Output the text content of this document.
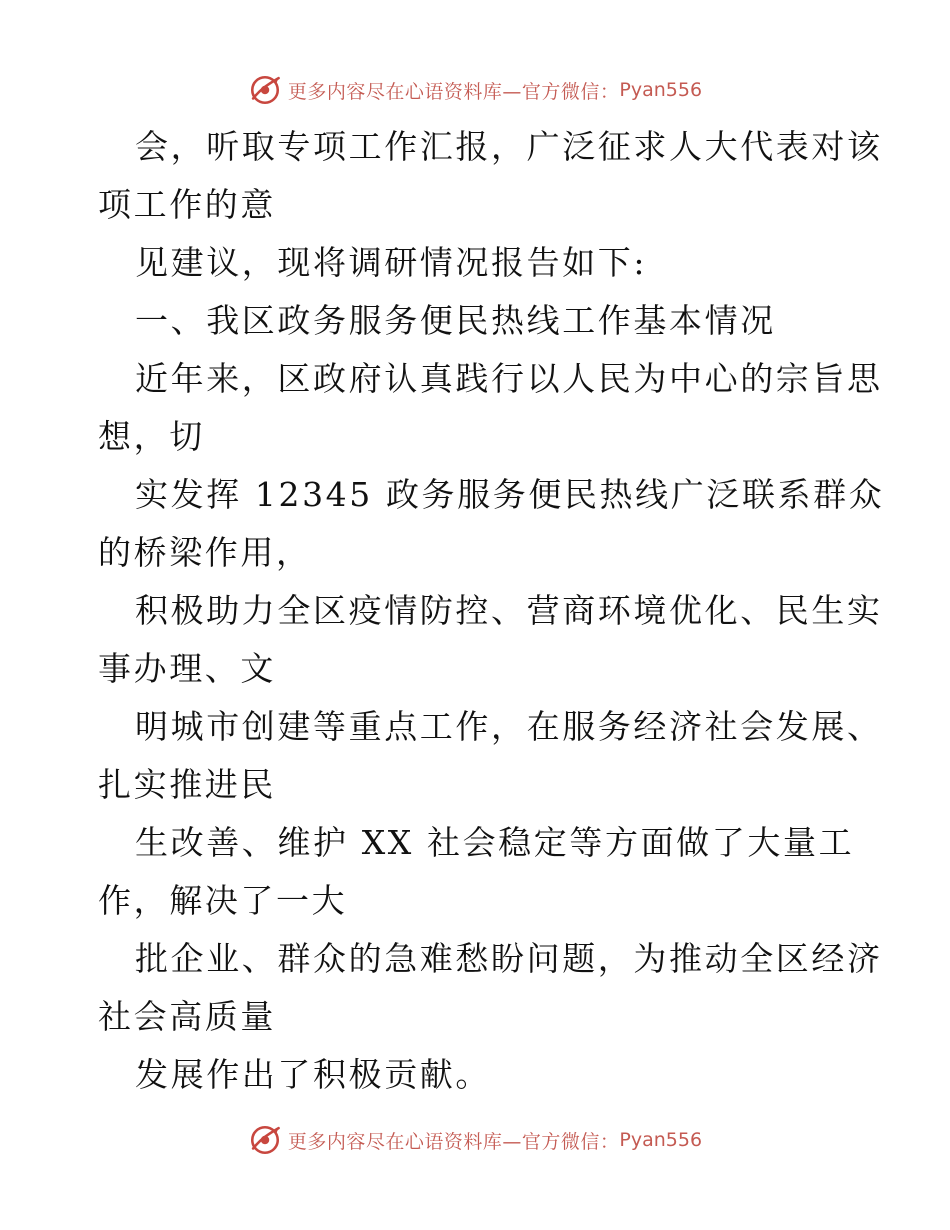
更多内容尽在心语资料库—官方微信： Pyan556
会，听取专项工作汇报，广泛征求人大代表对该
项工作的意
见建议，现将调研情况报告如下:
一、我区政务服务便民热线工作基本情况
近年来，区政府认真践行以人民为中心的宗旨思
想，切
实发挥 12345 政务服务便民热线广泛联系群众
的桥梁作用，
积极助力全区疫情防控、营商环境优化、民生实
事办理、文
明城市创建等重点工作，在服务经济社会发展、
扎实推进民
生改善、维护 XX 社会稳定等方面做了大量工
作，解决了一大
批企业、群众的急难愁盼问题，为推动全区经济
社会高质量
发展作出了积极贡献。
更多内容尽在心语资料库—官方微信： Pyan556
